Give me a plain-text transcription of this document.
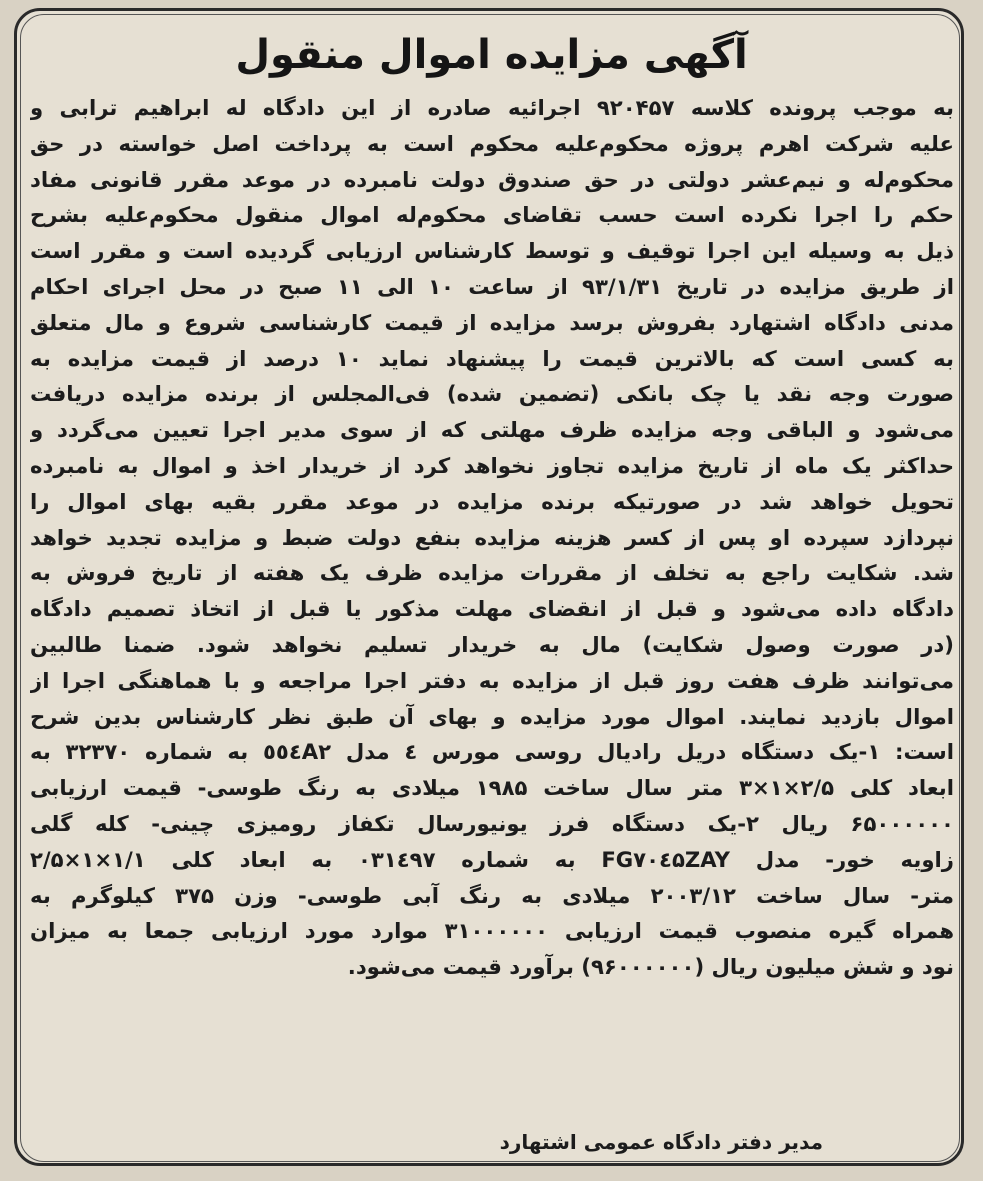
آگهی مزایده اموال منقول
به موجب پرونده کلاسه ۹۲۰۴۵۷ اجرائیه صادره از این دادگاه له ابراهیم ترابی و
علیه شرکت اهرم پروژه محکوم‌علیه محکوم است به پرداخت اصل خواسته در حق
محکوم‌له و نیم‌عشر دولتی در حق صندوق دولت نامبرده در موعد مقرر قانونی مفاد
حکم را اجرا نکرده است حسب تقاضای محکوم‌له اموال منقول محکوم‌علیه بشرح
ذیل به وسیله این اجرا توقیف و توسط کارشناس ارزیابی گردیده است و مقرر است
از طریق مزایده در تاریخ ۹۳/۱/۳۱ از ساعت ۱۰ الی ۱۱ صبح در محل اجرای احکام
مدنی دادگاه اشتهارد بفروش برسد مزایده از قیمت کارشناسی شروع و مال متعلق
به کسی است که بالاترین قیمت را پیشنهاد نماید ۱۰ درصد از قیمت مزایده به
صورت وجه نقد یا چک بانکی (تضمین شده) فی‌المجلس از برنده مزایده دریافت
می‌شود و الباقی وجه مزایده ظرف مهلتی که از سوی مدیر اجرا تعیین می‌گردد و
حداکثر یک ماه از تاریخ مزایده تجاوز نخواهد کرد از خریدار اخذ و اموال به نامبرده
تحویل خواهد شد در صورتیکه برنده مزایده در موعد مقرر بقیه بهای اموال را
نپردازد سپرده او پس از کسر هزینه مزایده بنفع دولت ضبط و مزایده تجدید خواهد
شد. شکایت راجع به تخلف از مقررات مزایده ظرف یک هفته از تاریخ فروش به
دادگاه داده می‌شود و قبل از انقضای مهلت مذکور یا قبل از اتخاذ تصمیم دادگاه
(در صورت وصول شکایت) مال به خریدار تسلیم نخواهد شود. ضمنا طالبین
می‌توانند ظرف هفت روز قبل از مزایده به دفتر اجرا مراجعه و با هماهنگی اجرا از
اموال بازدید نمایند. اموال مورد مزایده و بهای آن طبق نظر کارشناس بدین شرح
است: ۱-یک دستگاه دریل رادیال روسی مورس ٤ مدل ٥٥٤A۲ به شماره ۳۲۳۷۰ به
ابعاد کلی ۲/۵×۱×۳ متر سال ساخت ۱۹۸۵ میلادی به رنگ طوسی- قیمت ارزیابی
۶۵۰۰۰۰۰۰ ریال ۲-یک دستگاه فرز یونیورسال تکفاز رومیزی چینی- کله گلی
زاویه خور- مدل FG۷۰٤۵ZAY به شماره ۰۳۱٤۹۷ به ابعاد کلی ۱/۱×۱×۲/۵
متر- سال ساخت ۲۰۰۳/۱۲ میلادی به رنگ آبی طوسی- وزن ۳۷۵ کیلوگرم به
همراه گیره منصوب قیمت ارزیابی ۳۱۰۰۰۰۰۰ موارد مورد ارزیابی جمعا به میزان
نود و شش میلیون ریال (۹۶۰۰۰۰۰۰) برآورد قیمت می‌شود.
مدیر دفتر دادگاه عمومی اشتهارد
